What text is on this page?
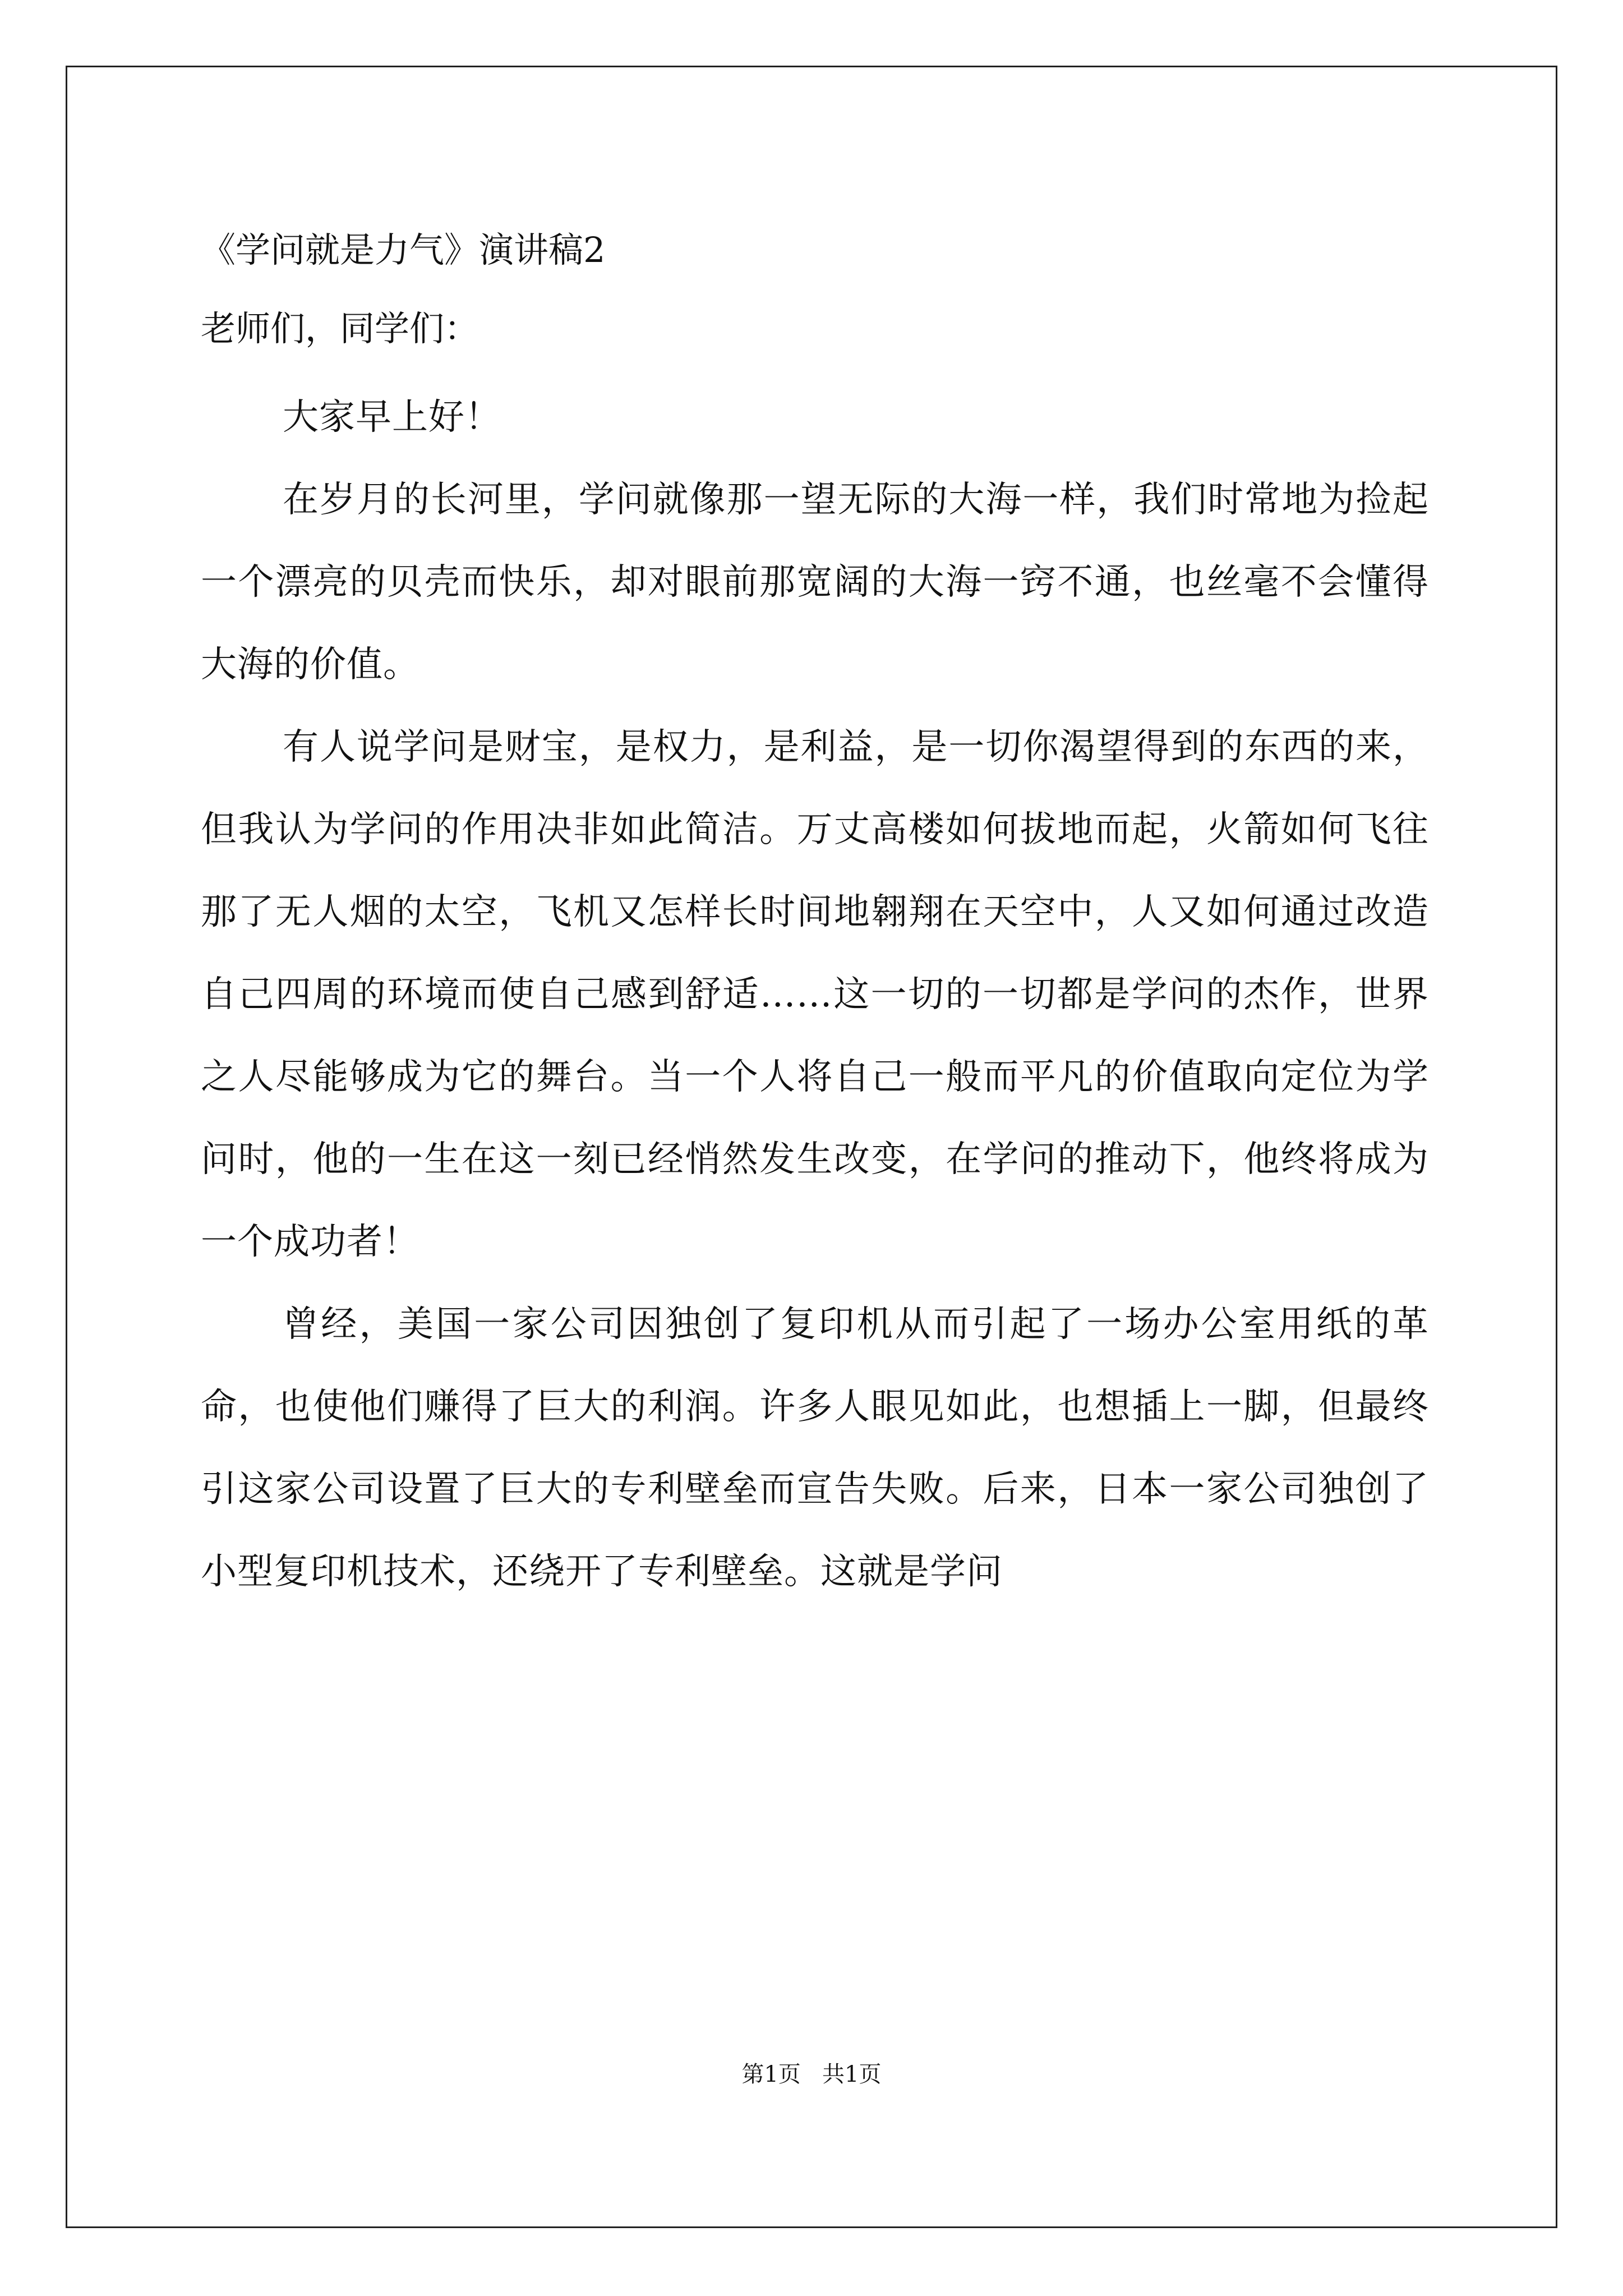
《学问就是力气》演讲稿2

老师们，同学们：

大家早上好！

在岁月的长河里，学问就像那一望无际的大海一样，我们时常地为捡起一个漂亮的贝壳而快乐，却对眼前那宽阔的大海一窍不通，也丝毫不会懂得大海的价值。

有人说学问是财宝，是权力，是利益，是一切你渴望得到的东西的来，但我认为学问的作用决非如此简洁。万丈高楼如何拔地而起，火箭如何飞往那了无人烟的太空，飞机又怎样长时间地翱翔在天空中，人又如何通过改造自己四周的环境而使自己感到舒适……这一切的一切都是学问的杰作，世界之人尽能够成为它的舞台。当一个人将自己一般而平凡的价值取向定位为学问时，他的一生在这一刻已经悄然发生改变，在学问的推动下，他终将成为一个成功者！

曾经，美国一家公司因独创了复印机从而引起了一场办公室用纸的革命，也使他们赚得了巨大的利润。许多人眼见如此，也想插上一脚，但最终引这家公司设置了巨大的专利壁垒而宣告失败。后来，日本一家公司独创了小型复印机技术，还绕开了专利壁垒。这就是学问

第1页   共1页
